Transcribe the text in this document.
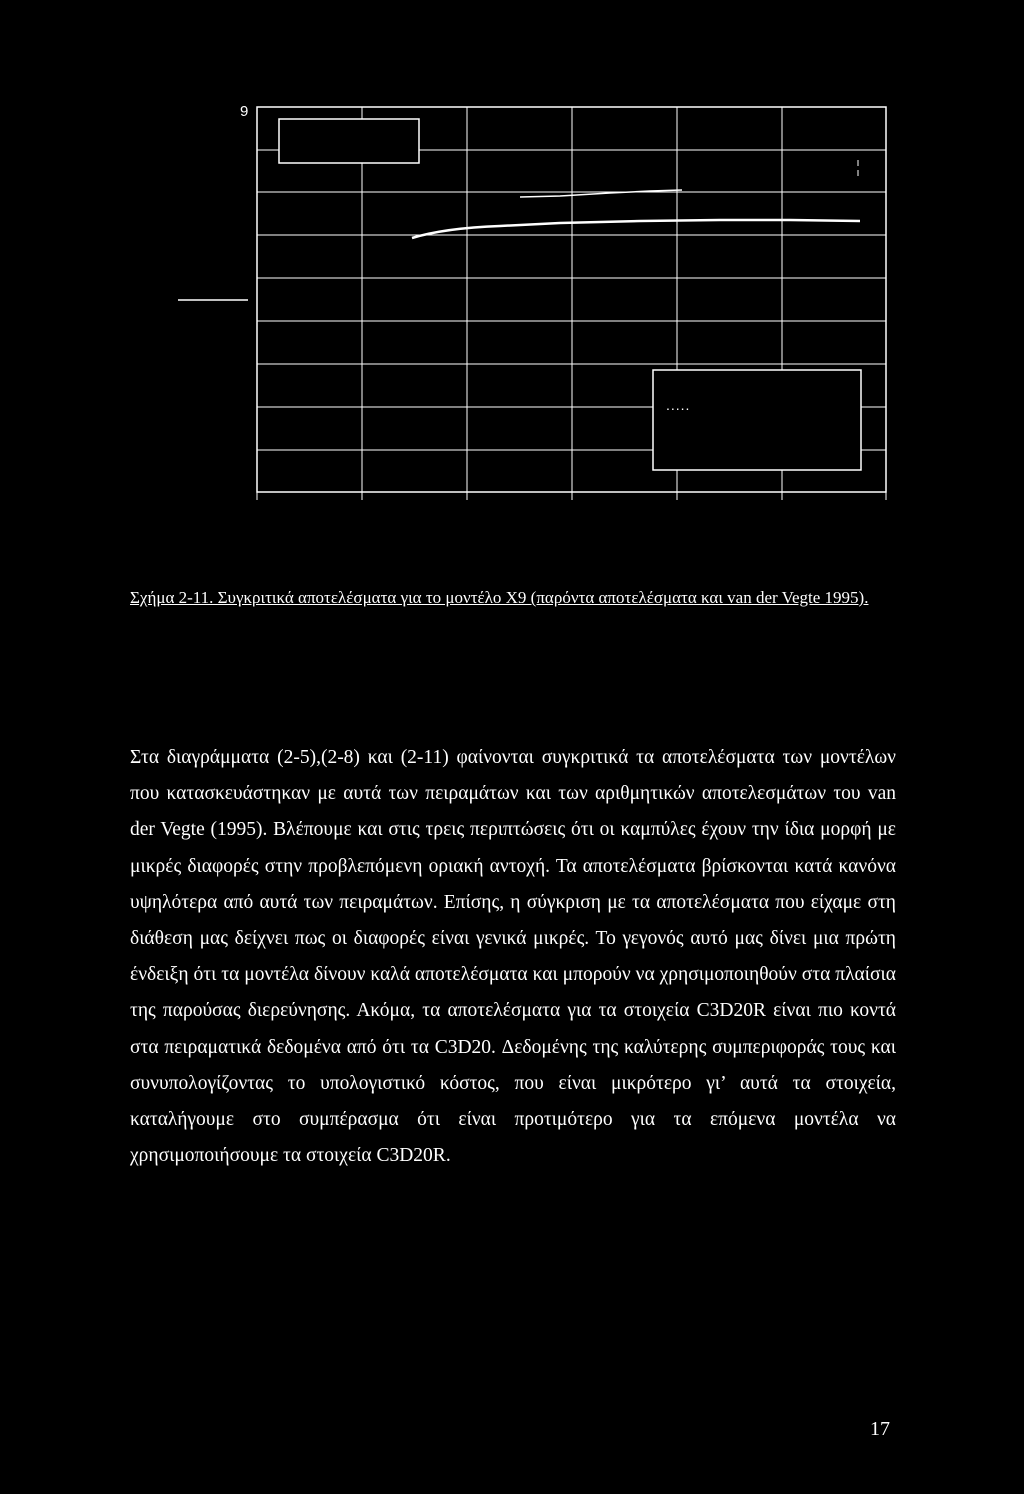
9
.....

Σχήμα 2-11. Συγκριτικά αποτελέσματα για το μοντέλο Χ9 (παρόντα αποτελέσματα και van der Vegte 1995).

Στα διαγράμματα (2-5),(2-8) και (2-11) φαίνονται συγκριτικά τα αποτελέσματα των μοντέλων που κατασκευάστηκαν με αυτά των πειραμάτων και των αριθμητικών αποτελεσμάτων του van der Vegte (1995). Βλέπουμε και στις τρεις περιπτώσεις ότι οι καμπύλες έχουν την ίδια μορφή με μικρές διαφορές στην προβλεπόμενη οριακή αντοχή. Τα αποτελέσματα βρίσκονται κατά κανόνα υψηλότερα από αυτά των πειραμάτων. Επίσης, η σύγκριση με τα αποτελέσματα που είχαμε στη διάθεση μας δείχνει πως οι διαφορές είναι γενικά μικρές. Το γεγονός αυτό μας δίνει μια πρώτη ένδειξη ότι τα μοντέλα δίνουν καλά αποτελέσματα και μπορούν να χρησιμοποιηθούν στα πλαίσια της παρούσας διερεύνησης. Ακόμα, τα αποτελέσματα για τα στοιχεία C3D20R είναι πιο κοντά στα πειραματικά δεδομένα από ότι τα C3D20. Δεδομένης της καλύτερης συμπεριφοράς τους και συνυπολογίζοντας το υπολογιστικό κόστος, που είναι μικρότερο γι’ αυτά τα στοιχεία, καταλήγουμε στο συμπέρασμα ότι είναι προτιμότερο για τα επόμενα μοντέλα να χρησιμοποιήσουμε τα στοιχεία C3D20R.

17
